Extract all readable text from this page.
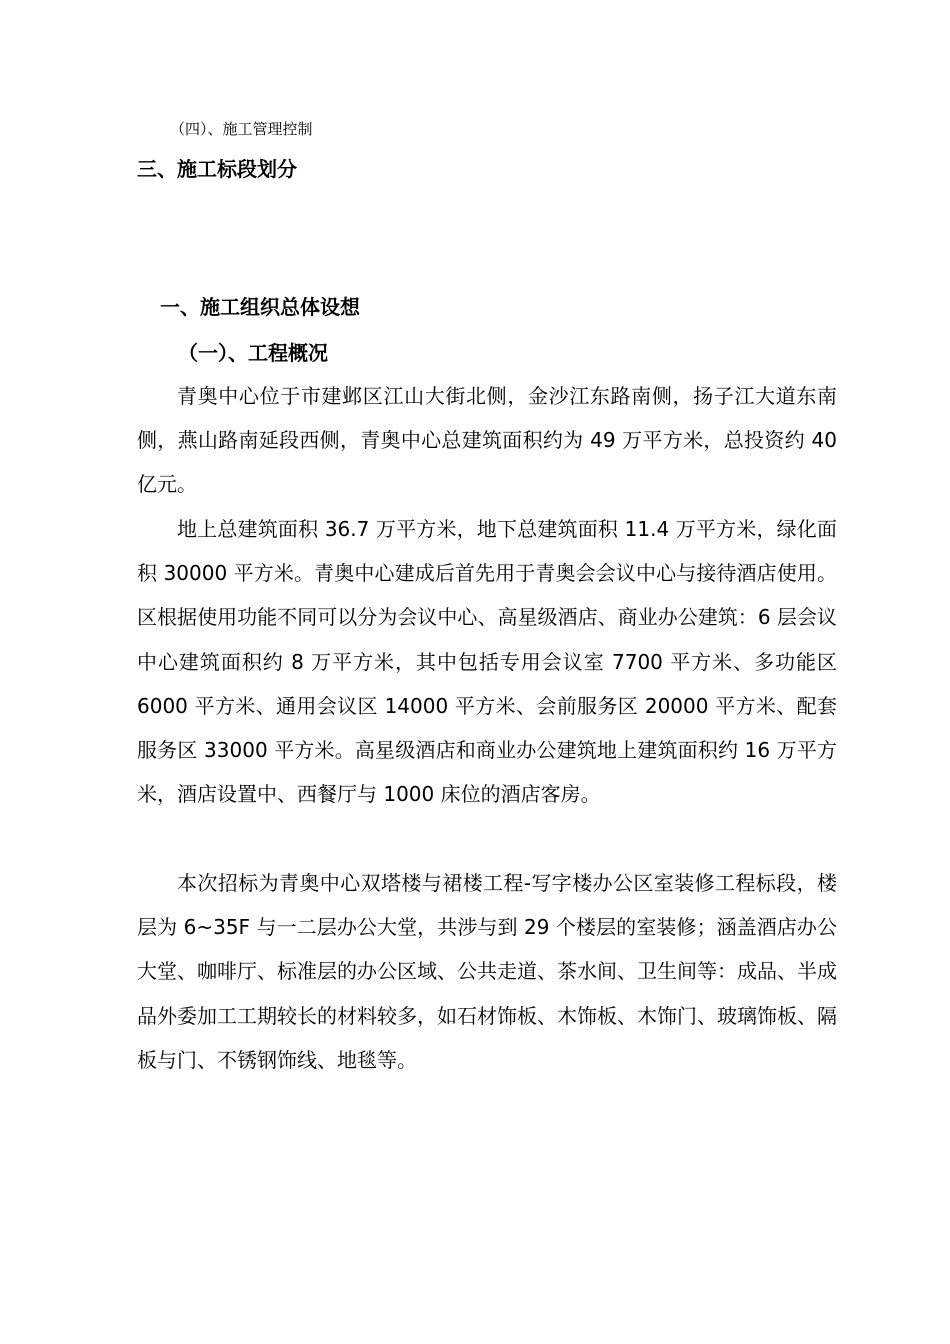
（四）、施工管理控制
三、施工标段划分
一、施工组织总体设想
（一）、工程概况

青奥中心位于市建邺区江山大街北侧，金沙江东路南侧，扬子江大道东南侧，燕山路南延段西侧，青奥中心总建筑面积约为 49 万平方米，总投资约 40 亿元。

地上总建筑面积 36.7 万平方米，地下总建筑面积 11.4 万平方米，绿化面积 30000 平方米。青奥中心建成后首先用于青奥会会议中心与接待酒店使用。区根据使用功能不同可以分为会议中心、高星级酒店、商业办公建筑：6 层会议中心建筑面积约 8 万平方米，其中包括专用会议室 7700 平方米、多功能区 6000 平方米、通用会议区 14000 平方米、会前服务区 20000 平方米、配套服务区 33000 平方米。高星级酒店和商业办公建筑地上建筑面积约 16 万平方米，酒店设置中、西餐厅与 1000 床位的酒店客房。

本次招标为青奥中心双塔楼与裙楼工程-写字楼办公区室装修工程标段，楼层为 6~35F 与一二层办公大堂，共涉与到 29 个楼层的室装修；涵盖酒店办公大堂、咖啡厅、标准层的办公区域、公共走道、茶水间、卫生间等：成品、半成品外委加工工期较长的材料较多，如石材饰板、木饰板、木饰门、玻璃饰板、隔板与门、不锈钢饰线、地毯等。
